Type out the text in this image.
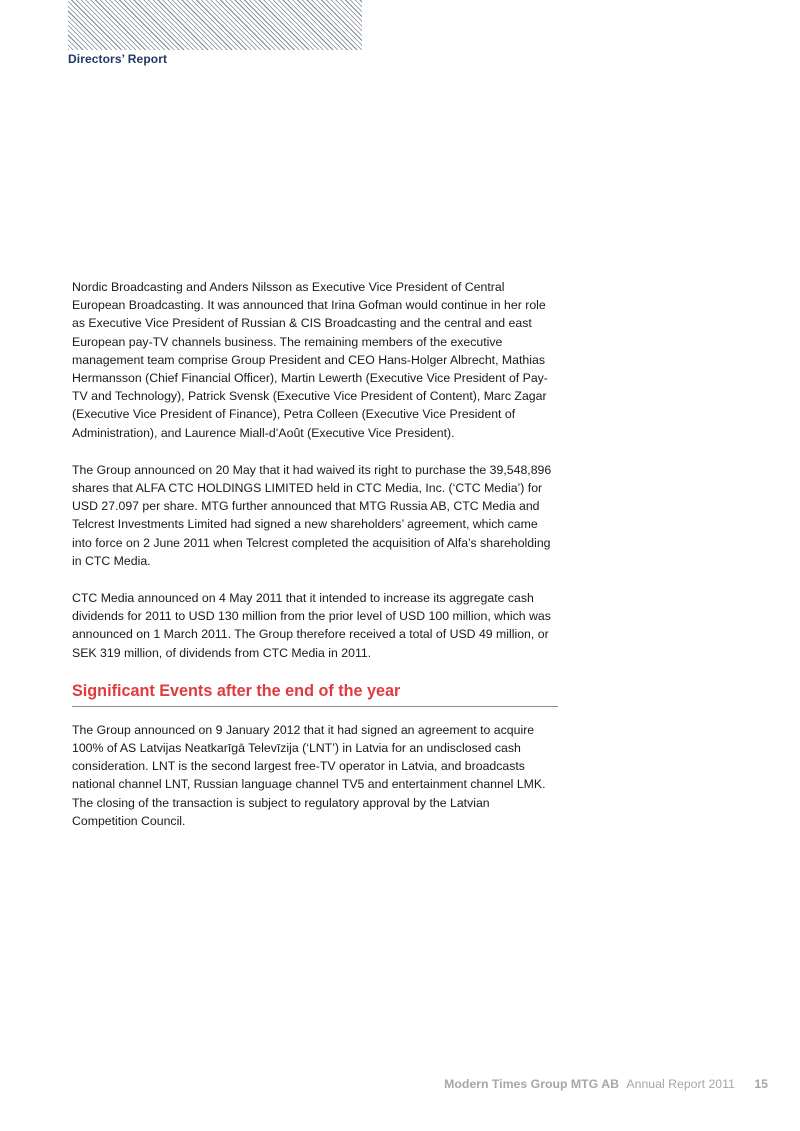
Directors’ Report

Nordic Broadcasting and Anders Nilsson as Executive Vice President of Central European Broadcasting. It was announced that Irina Gofman would continue in her role as Executive Vice President of Russian & CIS Broadcasting and the central and east European pay-TV channels business. The remaining members of the executive management team comprise Group President and CEO Hans-Holger Albrecht, Mathias Hermansson (Chief Financial Officer), Martin Lewerth (Executive Vice President of Pay-TV and Technology), Patrick Svensk (Executive Vice President of Content), Marc Zagar (Executive Vice President of Finance), Petra Colleen (Executive Vice President of Administration), and Laurence Miall-d’Août (Executive Vice President).

The Group announced on 20 May that it had waived its right to purchase the 39,548,896 shares that ALFA CTC HOLDINGS LIMITED held in CTC Media, Inc. (‘CTC Media’) for USD 27.097 per share. MTG further announced that MTG Russia AB, CTC Media and Telcrest Investments Limited had signed a new shareholders’ agreement, which came into force on 2 June 2011 when Telcrest completed the acquisition of Alfa’s shareholding in CTC Media.

CTC Media announced on 4 May 2011 that it intended to increase its aggregate cash dividends for 2011 to USD 130 million from the prior level of USD 100 million, which was announced on 1 March 2011. The Group therefore received a total of USD 49 million, or SEK 319 million, of dividends from CTC Media in 2011.

Significant Events after the end of the year

The Group announced on 9 January 2012 that it had signed an agreement to acquire 100% of AS Latvijas Neatkarīgā Televīzija (‘LNT’) in Latvia for an undisclosed cash consideration. LNT is the second largest free-TV operator in Latvia, and broadcasts national channel LNT, Russian language channel TV5 and entertainment channel LMK. The closing of the transaction is subject to regulatory approval by the Latvian Competition Council.

Modern Times Group MTG AB Annual Report 2011 15
